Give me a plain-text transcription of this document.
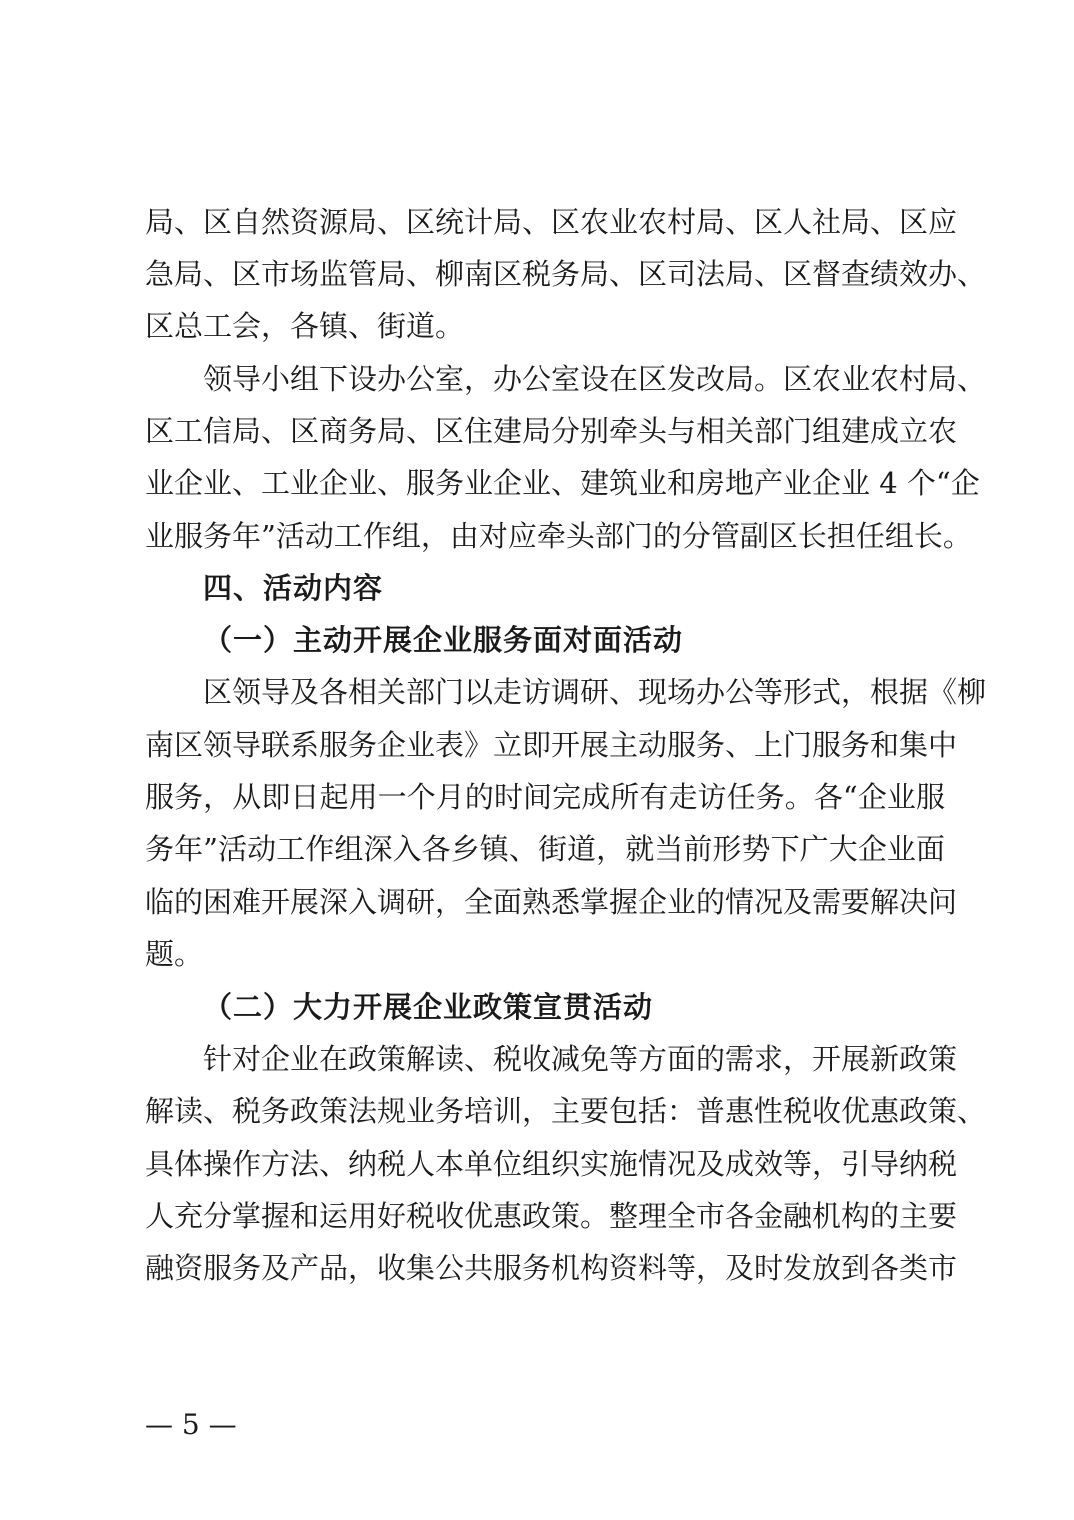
局、区自然资源局、区统计局、区农业农村局、区人社局、区应
急局、区市场监管局、柳南区税务局、区司法局、区督查绩效办、
区总工会，各镇、街道。
领导小组下设办公室，办公室设在区发改局。区农业农村局、
区工信局、区商务局、区住建局分别牵头与相关部门组建成立农
业企业、工业企业、服务业企业、建筑业和房地产业企业 4 个“企
业服务年”活动工作组，由对应牵头部门的分管副区长担任组长。
四、活动内容
（一）主动开展企业服务面对面活动
区领导及各相关部门以走访调研、现场办公等形式，根据《柳
南区领导联系服务企业表》立即开展主动服务、上门服务和集中
服务，从即日起用一个月的时间完成所有走访任务。各“企业服
务年”活动工作组深入各乡镇、街道，就当前形势下广大企业面
临的困难开展深入调研，全面熟悉掌握企业的情况及需要解决问
题。
（二）大力开展企业政策宣贯活动
针对企业在政策解读、税收减免等方面的需求，开展新政策
解读、税务政策法规业务培训，主要包括：普惠性税收优惠政策、
具体操作方法、纳税人本单位组织实施情况及成效等，引导纳税
人充分掌握和运用好税收优惠政策。整理全市各金融机构的主要
融资服务及产品，收集公共服务机构资料等，及时发放到各类市
— 5 —
